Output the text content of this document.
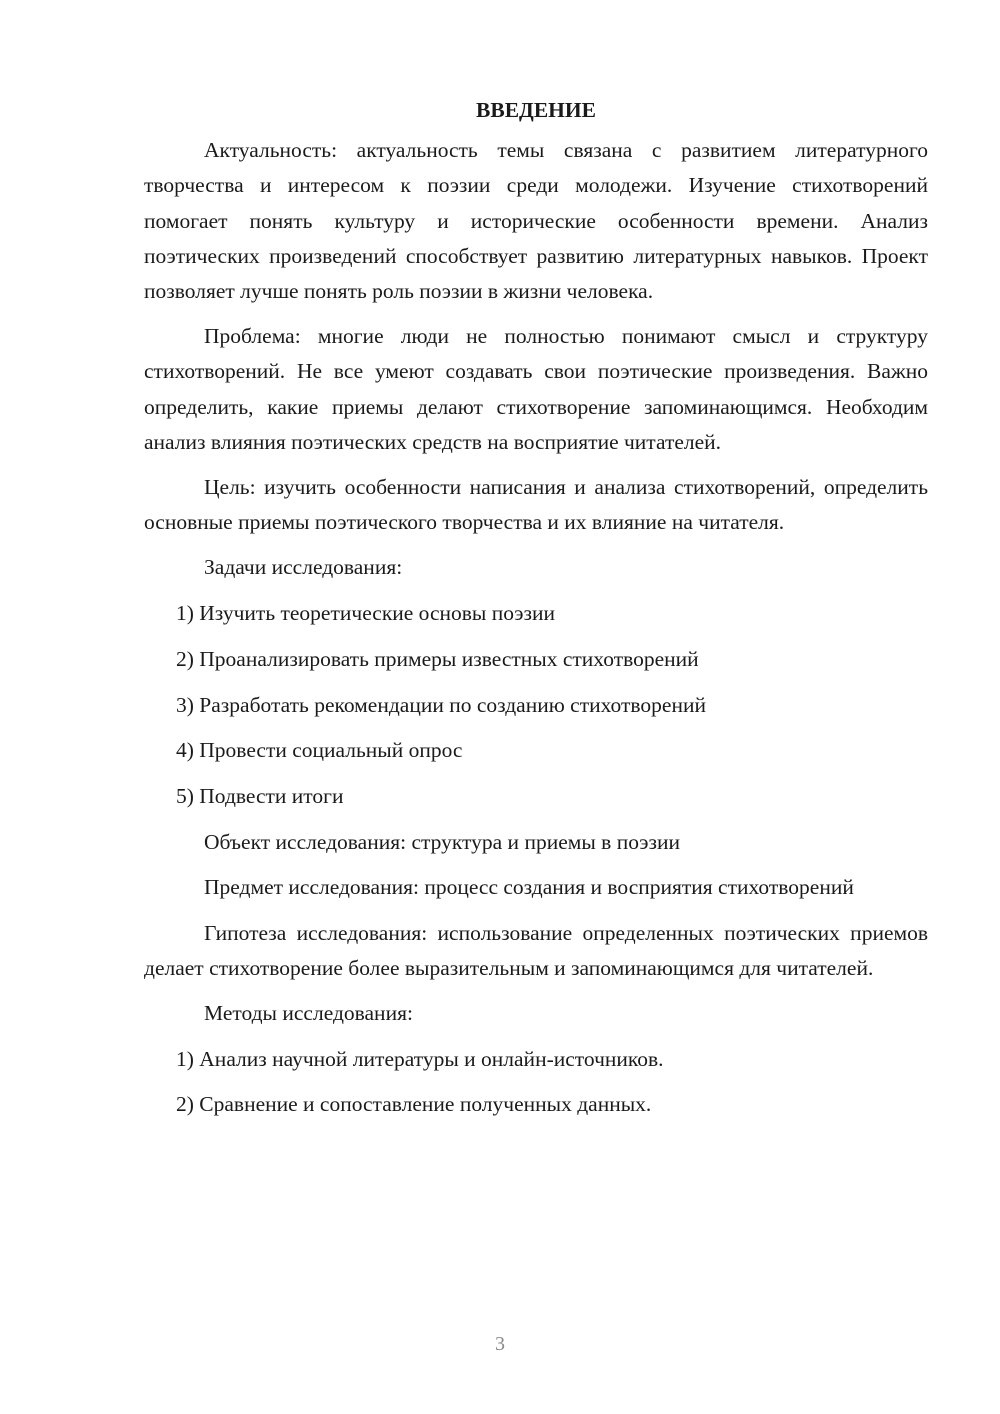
ВВЕДЕНИЕ

Актуальность: актуальность темы связана с развитием литературного творчества и интересом к поэзии среди молодежи. Изучение стихотворений помогает понять культуру и исторические особенности времени. Анализ поэтических произведений способствует развитию литературных навыков. Проект позволяет лучше понять роль поэзии в жизни человека.

Проблема: многие люди не полностью понимают смысл и структуру стихотворений. Не все умеют создавать свои поэтические произведения. Важно определить, какие приемы делают стихотворение запоминающимся. Необходим анализ влияния поэтических средств на восприятие читателей.

Цель: изучить особенности написания и анализа стихотворений, определить основные приемы поэтического творчества и их влияние на читателя.

Задачи исследования:

1) Изучить теоретические основы поэзии
2) Проанализировать примеры известных стихотворений
3) Разработать рекомендации по созданию стихотворений
4) Провести социальный опрос
5) Подвести итоги

Объект исследования: структура и приемы в поэзии

Предмет исследования: процесс создания и восприятия стихотворений

Гипотеза исследования: использование определенных поэтических приемов делает стихотворение более выразительным и запоминающимся для читателей.

Методы исследования:

1) Анализ научной литературы и онлайн-источников.
2) Сравнение и сопоставление полученных данных.
3
